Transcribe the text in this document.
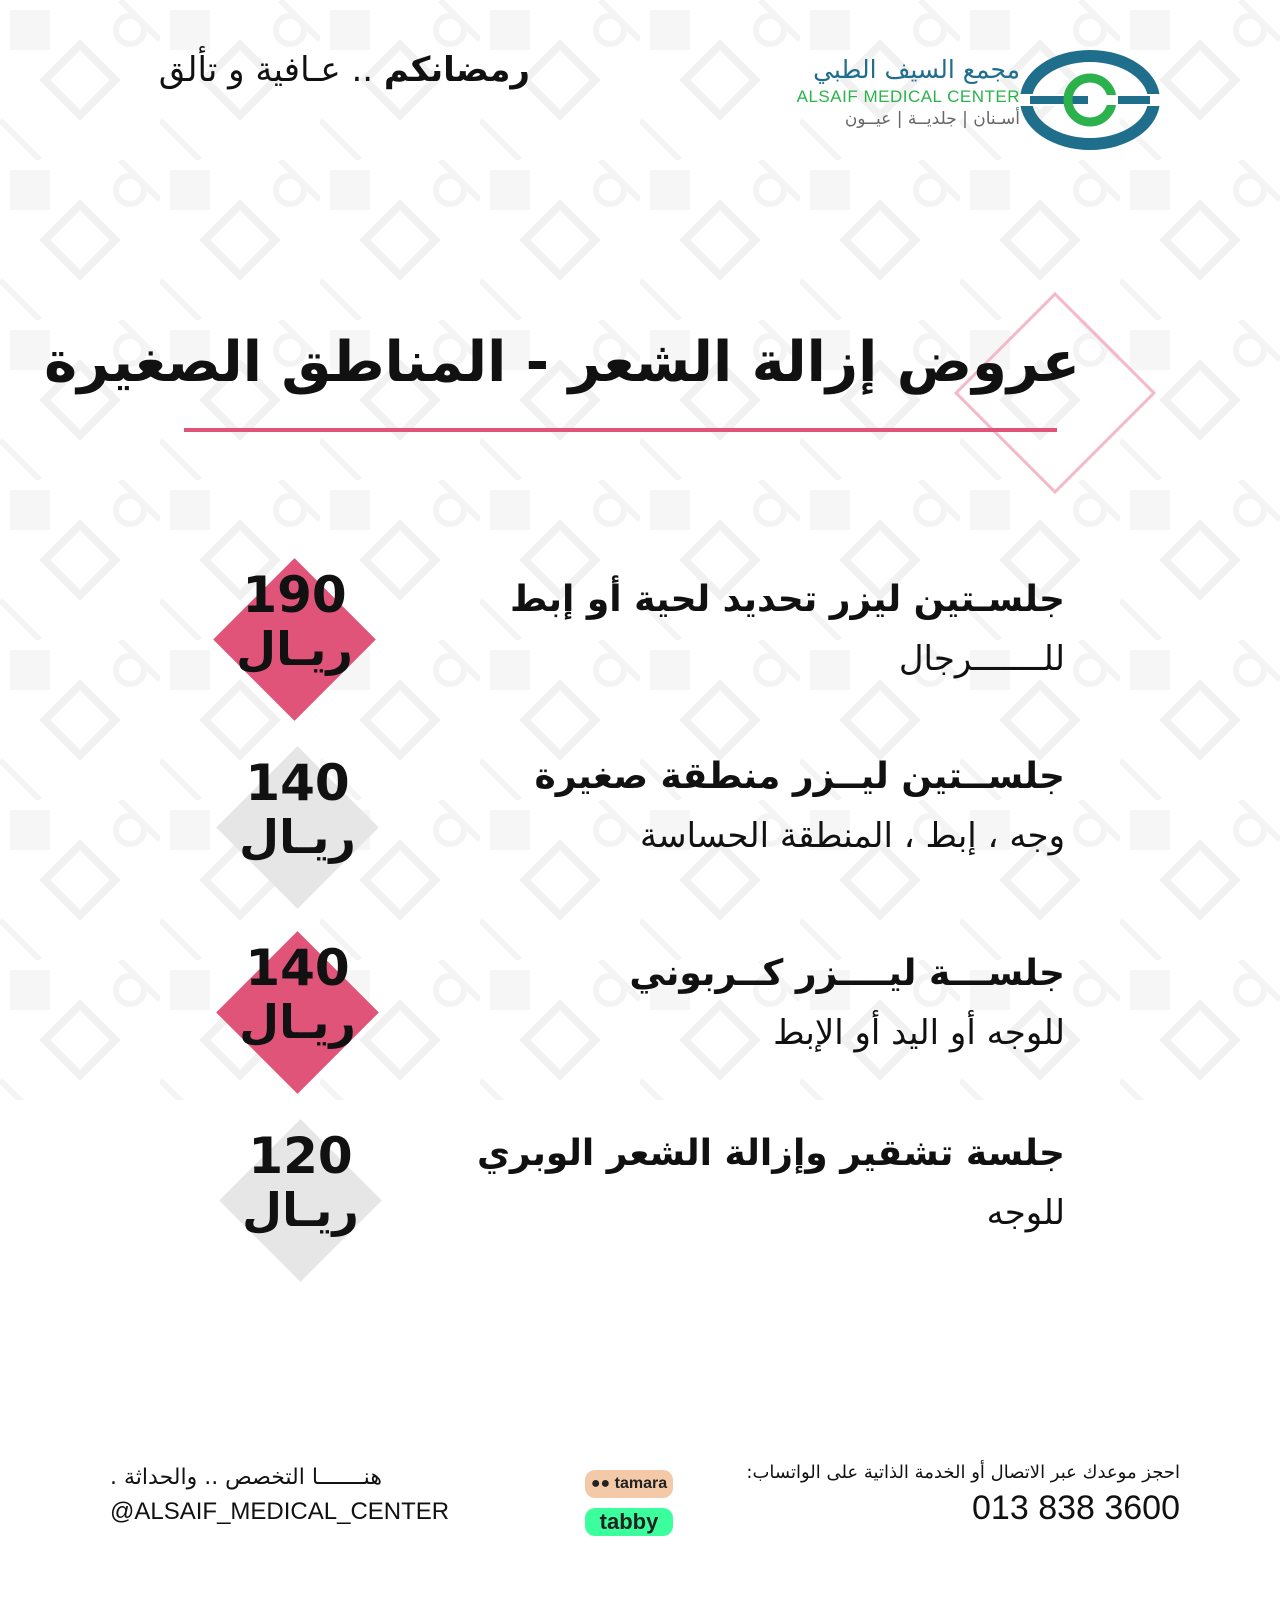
رمضانكم .. عـافية و تألق	مجمع السيف الطبي
ALSAIF MEDICAL CENTER
أسـنان | جلديــة | عيــون
عروض إزالة الشعر - المناطق الصغيرة
جلسـتين ليزر تحديد لحية أو إبط
للـــــــرجال
190
ريـال
جلســتين ليــزر منطقة صغيرة
وجه ، إبط ، المنطقة الحساسة
140
ريـال
جلســـة ليــــزر كــربوني
للوجه أو اليد أو الإبط
140
ريـال
جلسة تشقير وإزالة الشعر الوبري
للوجه
120
ريـال
هنـــــــا التخصص .. والحداثة .
@ALSAIF_MEDICAL_CENTER
●● tamara
tabby
احجز موعدك عبر الاتصال أو الخدمة الذاتية على الواتساب:
013 838 3600
